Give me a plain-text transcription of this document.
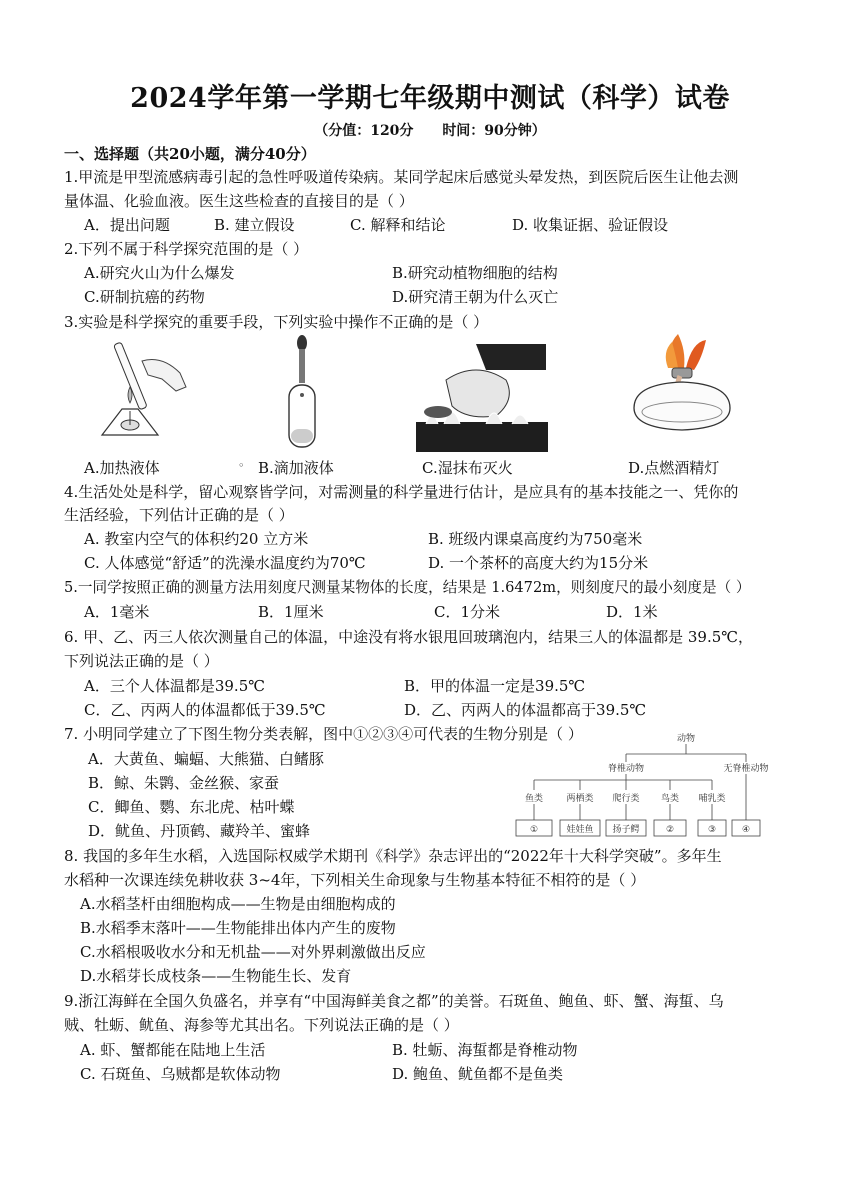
2024学年第一学期七年级期中测试（科学）试卷
（分值：120分 时间：90分钟）
一、选择题（共20小题，满分40分）
1.甲流是甲型流感病毒引起的急性呼吸道传染病。某同学起床后感觉头晕发热，到医院后医生让他去测
量体温、化验血液。医生这些检查的直接目的是（ ）
A．提出问题	B. 建立假设	C. 解释和结论	D. 收集证据、验证假设
2.下列不属于科学探究范围的是（ ）
A.研究火山为什么爆发	B.研究动植物细胞的结构
C.研制抗癌的药物	D.研究清王朝为什么灭亡
3.实验是科学探究的重要手段，下列实验中操作不正确的是（ ）
A.加热液体	◦ B.滴加液体	C.湿抹布灭火	D.点燃酒精灯
4.生活处处是科学，留心观察皆学问，对需测量的科学量进行估计，是应具有的基本技能之一、凭你的
生活经验，下列估计正确的是（ ）
A. 教室内空气的体积约20 立方米	B. 班级内课桌高度约为750毫米
C. 人体感觉“舒适”的洗澡水温度约为70℃	D. 一个茶杯的高度大约为15分米
5.一同学按照正确的测量方法用刻度尺测量某物体的长度，结果是 1.6472m，则刻度尺的最小刻度是（ ）
A．1毫米	B．1厘米	C．1分米	D．1米
6. 甲、乙、丙三人依次测量自己的体温，中途没有将水银甩回玻璃泡内，结果三人的体温都是 39.5℃，
下列说法正确的是（ ）
A．三个人体温都是39.5℃	B．甲的体温一定是39.5℃
C．乙、丙两人的体温都低于39.5℃	D．乙、丙两人的体温都高于39.5℃
7. 小明同学建立了下图生物分类表解，图中①②③④可代表的生物分别是（ ）
A．大黄鱼、蝙蝠、大熊猫、白鳍豚
B．鲸、朱鹮、金丝猴、家蚕
C．鲫鱼、鹦、东北虎、枯叶蝶
D．鱿鱼、丹顶鹤、藏羚羊、蜜蜂
动物
脊椎动物	无脊椎动物
鱼类	两栖类 爬行类 鸟类 哺乳类
①	娃娃鱼 扬子鳄	②	③	④
8. 我国的多年生水稻，入选国际权威学术期刊《科学》杂志评出的“2022年十大科学突破”。多年生
水稻种一次课连续免耕收获 3~4年，下列相关生命现象与生物基本特征不相符的是（ ）
A.水稻茎杆由细胞构成——生物是由细胞构成的
B.水稻季末落叶——生物能排出体内产生的废物
C.水稻根吸收水分和无机盐——对外界刺激做出反应
D.水稻芽长成枝条——生物能生长、发育
9.浙江海鲜在全国久负盛名，并享有“中国海鲜美食之都”的美誉。石斑鱼、鲍鱼、虾、蟹、海蜇、乌
贼、牡蛎、鱿鱼、海参等尤其出名。下列说法正确的是（ ）
A. 虾、蟹都能在陆地上生活	B. 牡蛎、海蜇都是脊椎动物
C. 石斑鱼、乌贼都是软体动物	D. 鲍鱼、鱿鱼都不是鱼类
